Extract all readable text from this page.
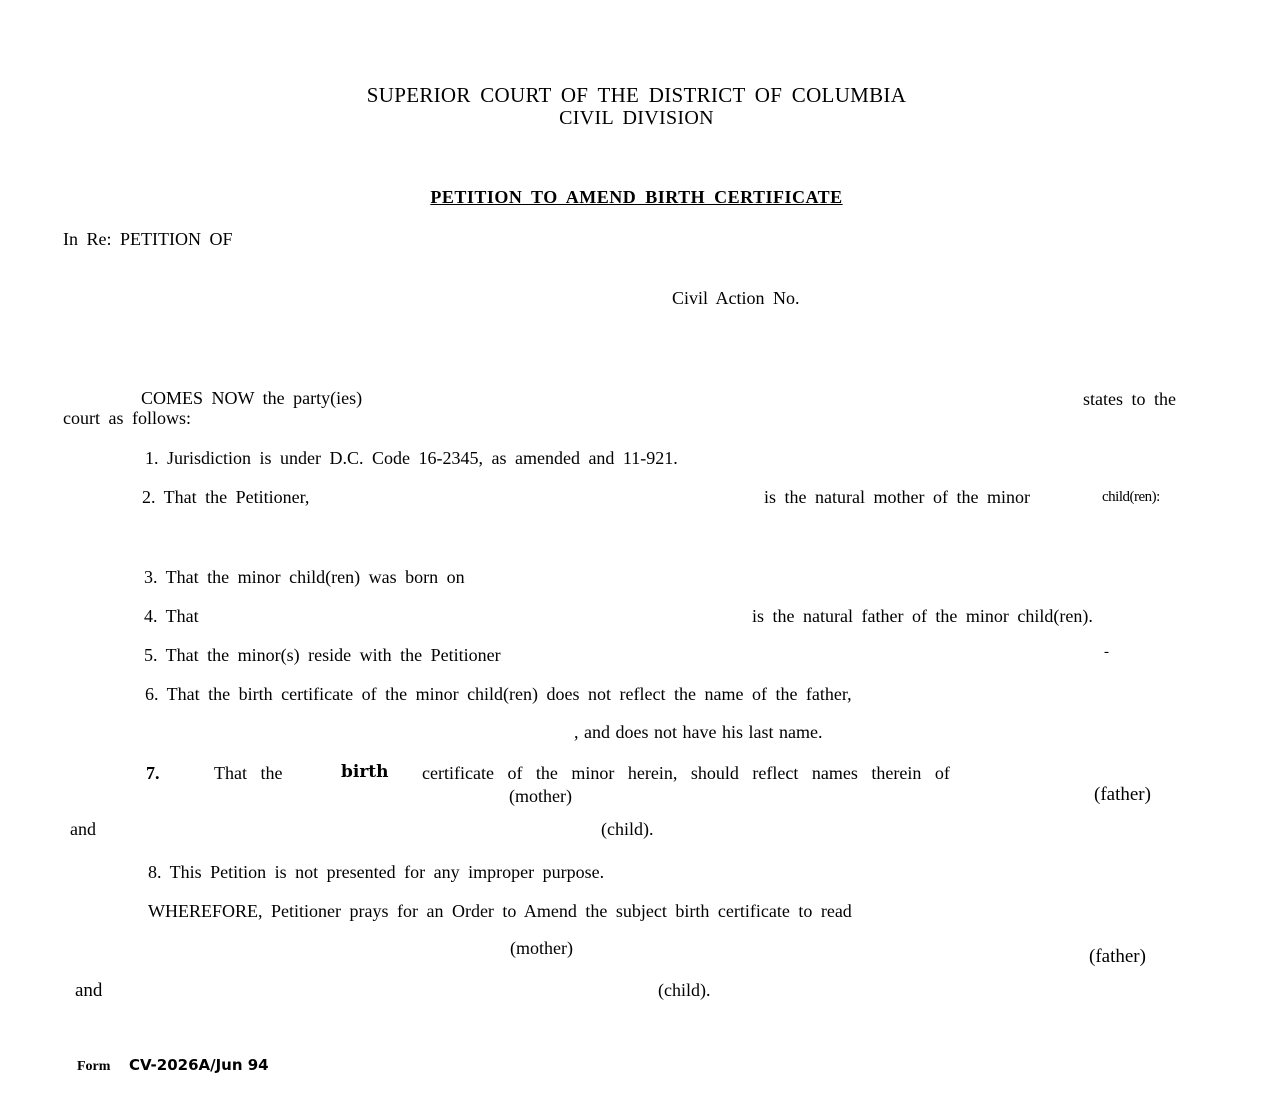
SUPERIOR COURT OF THE DISTRICT OF COLUMBIA
CIVIL DIVISION
PETITION TO AMEND BIRTH CERTIFICATE
In Re: PETITION OF
Civil Action No.
COMES NOW the party(ies)	states to the
court as follows:
1. Jurisdiction is under D.C. Code 16-2345, as amended and 11-921.
2. That the Petitioner,	is the natural mother of the minor	child(ren):
3. That the minor child(ren) was born on
4. That	is the natural father of the minor child(ren).
5. That the minor(s) reside with the Petitioner	-
6. That the birth certificate of the minor child(ren) does not reflect the name of the father,
, and does not have his last name.
7.	That the	birth certificate of the minor herein, should reflect names therein of
(mother)	(father)
and	(child).
8. This Petition is not presented for any improper purpose.
WHEREFORE, Petitioner prays for an Order to Amend the subject birth certificate to read
(mother)	(father)
and	(child).
Form CV-2026A/Jun 94
